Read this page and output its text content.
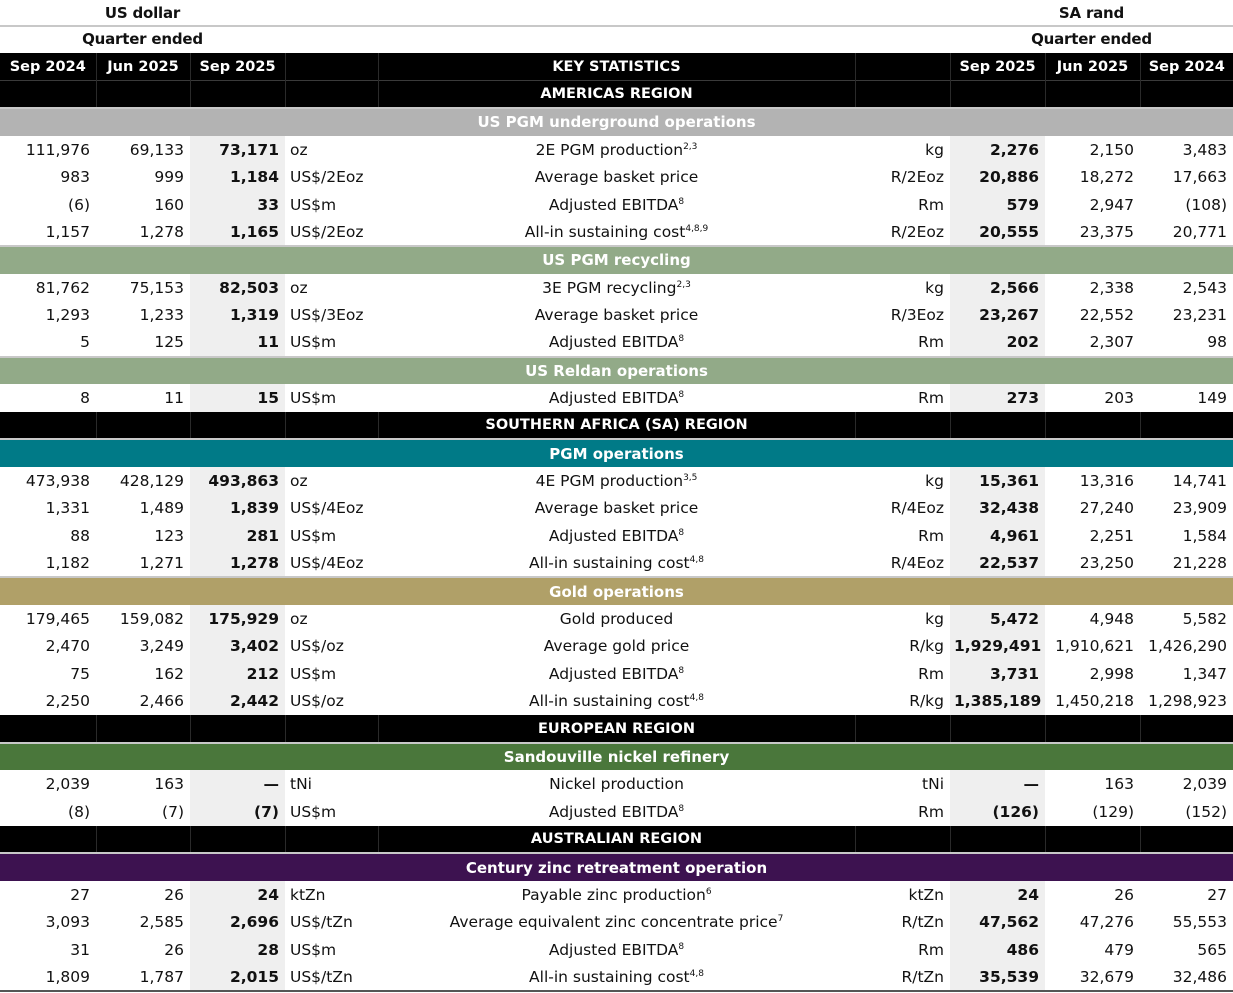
US dollar
Quarter ended
SA rand
Quarter ended
Sep 2024	Jun 2025	Sep 2025		KEY STATISTICS		Sep 2025	Jun 2025	Sep 2024
				AMERICAS REGION				
US PGM underground operations								
111,976	69,133	73,171	oz	2E PGM production$^{2,3}$	kg	2,276	2,150	3,483
983	999	1,184	US$/2Eoz	Average basket price	R/2Eoz	20,886	18,272	17,663
(6)	160	33	US$m	Adjusted EBITDA$^8$	Rm	579	2,947	(108)
1,157	1,278	1,165	US$/2Eoz	All-in sustaining cost$^{4,8,9}$	R/2Eoz	20,555	23,375	20,771
US PGM recycling								
81,762	75,153	82,503	oz	3E PGM recycling$^{2,3}$	kg	2,566	2,338	2,543
1,293	1,233	1,319	US$/3Eoz	Average basket price	R/3Eoz	23,267	22,552	23,231
5	125	11	US$m	Adjusted EBITDA$^8$	Rm	202	2,307	98
US Reldan operations								
8	11	15	US$m	Adjusted EBITDA$^8$	Rm	273	203	149
				SOUTHERN AFRICA (SA) REGION				
PGM operations								
473,938	428,129	493,863	oz	4E PGM production$^{3,5}$	kg	15,361	13,316	14,741
1,331	1,489	1,839	US$/4Eoz	Average basket price	R/4Eoz	32,438	27,240	23,909
88	123	281	US$m	Adjusted EBITDA$^8$	Rm	4,961	2,251	1,584
1,182	1,271	1,278	US$/4Eoz	All-in sustaining cost$^{4,8}$	R/4Eoz	22,537	23,250	21,228
Gold operations								
179,465	159,082	175,929	oz	Gold produced	kg	5,472	4,948	5,582
2,470	3,249	3,402	US$/oz	Average gold price	R/kg	1,929,491	1,910,621	1,426,290
75	162	212	US$m	Adjusted EBITDA$^8$	Rm	3,731	2,998	1,347
2,250	2,466	2,442	US$/oz	All-in sustaining cost$^{4,8}$	R/kg	1,385,189	1,450,218	1,298,923
				EUROPEAN REGION				
Sandouville nickel refinery								
2,039	163	—	tNi	Nickel production	tNi	—	163	2,039
(8)	(7)	(7)	US$m	Adjusted EBITDA$^8$	Rm	(126)	(129)	(152)
				AUSTRALIAN REGION				
Century zinc retreatment operation								
27	26	24	ktZn	Payable zinc production$^6$	ktZn	24	26	27
3,093	2,585	2,696	US$/tZn	Average equivalent zinc concentrate price$^7$	R/tZn	47,562	47,276	55,553
31	26	28	US$m	Adjusted EBITDA$^8$	Rm	486	479	565
1,809	1,787	2,015	US$/tZn	All-in sustaining cost$^{4,8}$	R/tZn	35,539	32,679	32,486
